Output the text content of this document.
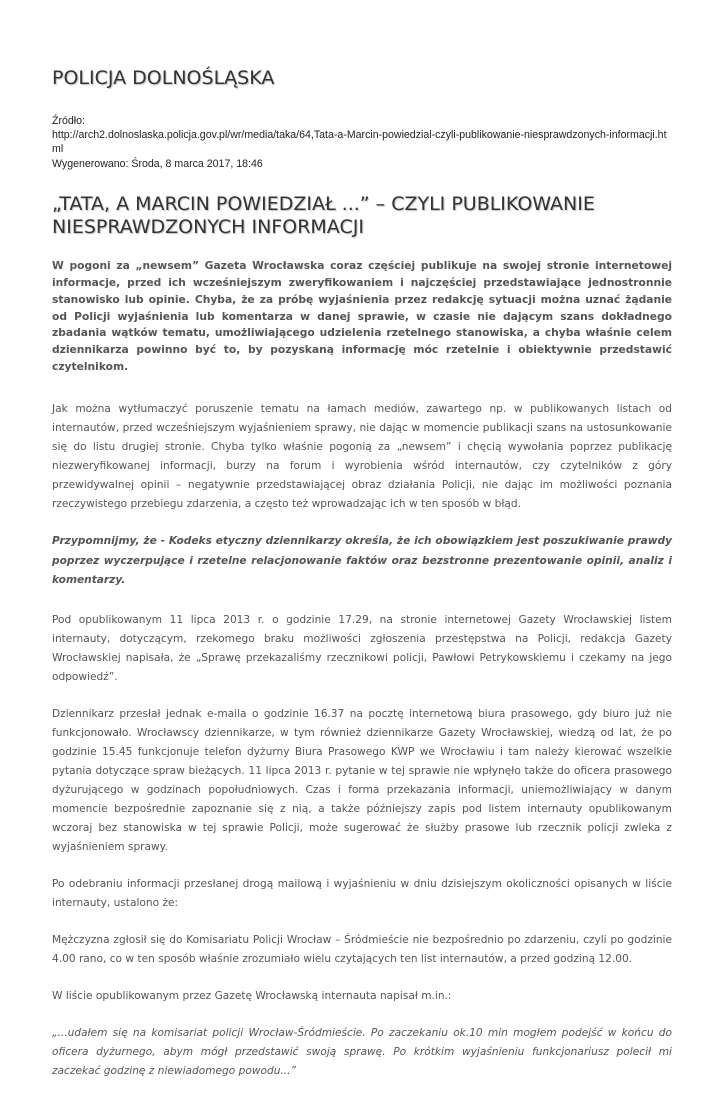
POLICJA DOLNOŚLĄSKA
Źródło:
http://arch2.dolnoslaska.policja.gov.pl/wr/media/taka/64,Tata-a-Marcin-powiedzial-czyli-publikowanie-niesprawdzonych-informacji.html
Wygenerowano: Środa, 8 marca 2017, 18:46
„TATA, A MARCIN POWIEDZIAŁ ...” – CZYLI PUBLIKOWANIE NIESPRAWDZONYCH INFORMACJI

W pogoni za „newsem” Gazeta Wrocławska coraz częściej publikuje na swojej stronie internetowej informacje, przed ich wcześniejszym zweryfikowaniem i najczęściej przedstawiające jednostronnie stanowisko lub opinie. Chyba, że za próbę wyjaśnienia przez redakcję sytuacji można uznać żądanie od Policji wyjaśnienia lub komentarza w danej sprawie, w czasie nie dającym szans dokładnego zbadania wątków tematu, umożliwiającego udzielenia rzetelnego stanowiska, a chyba właśnie celem dziennikarza powinno być to, by pozyskaną informację móc rzetelnie i obiektywnie przedstawić czytelnikom.

Jak można wytłumaczyć poruszenie tematu na łamach mediów, zawartego np. w publikowanych listach od internautów, przed wcześniejszym wyjaśnieniem sprawy, nie dając w momencie publikacji szans na ustosunkowanie się do listu drugiej stronie. Chyba tylko właśnie pogonią za „newsem” i chęcią wywołania poprzez publikację niezweryfikowanej informacji, burzy na forum i wyrobienia wśród internautów, czy czytelników z góry przewidywalnej opinii – negatywnie przedstawiającej obraz działania Policji, nie dając im możliwości poznania rzeczywistego przebiegu zdarzenia, a często też wprowadzając ich w ten sposób w błąd.

Przypomnijmy, że - Kodeks etyczny dziennikarzy określa, że ich obowiązkiem jest poszukiwanie prawdy poprzez wyczerpujące i rzetelne relacjonowanie faktów oraz bezstronne prezentowanie opinii, analiz i komentarzy.

Pod opublikowanym 11 lipca 2013 r. o godzinie 17.29, na stronie internetowej Gazety Wrocławskiej listem internauty, dotyczącym, rzekomego braku możliwości zgłoszenia przestępstwa na Policji, redakcja Gazety Wrocławskiej napisała, że „Sprawę przekazaliśmy rzecznikowi policji, Pawłowi Petrykowskiemu i czekamy na jego odpowiedź”.

Dziennikarz przesłał jednak e-maila o godzinie 16.37 na pocztę internetową biura prasowego, gdy biuro już nie funkcjonowało. Wrocławscy dziennikarze, w tym również dziennikarze Gazety Wrocławskiej, wiedzą od lat, że po godzinie 15.45 funkcjonuje telefon dyżurny Biura Prasowego KWP we Wrocławiu i tam należy kierować wszelkie pytania dotyczące spraw bieżących. 11 lipca 2013 r. pytanie w tej sprawie nie wpłynęło także do oficera prasowego dyżurującego w godzinach popołudniowych. Czas i forma przekazania informacji, uniemożliwiający w danym momencie bezpośrednie zapoznanie się z nią, a także późniejszy zapis pod listem internauty opublikowanym wczoraj bez stanowiska w tej sprawie Policji, może sugerować że służby prasowe lub rzecznik policji zwleka z wyjaśnieniem sprawy.

Po odebraniu informacji przesłanej drogą mailową i wyjaśnieniu w dniu dzisiejszym okoliczności opisanych w liście internauty, ustalono że:

Mężczyzna zgłosił się do Komisariatu Policji Wrocław – Śródmieście nie bezpośrednio po zdarzeniu, czyli po godzinie 4.00 rano, co w ten sposób właśnie zrozumiało wielu czytających ten list internautów, a przed godziną 12.00.

W liście opublikowanym przez Gazetę Wrocławską internauta napisał m.in.:

„...udałem się na komisariat policji Wrocław-Śródmieście. Po zaczekaniu ok.10 min mogłem podejść w końcu do oficera dyżurnego, abym mógł przedstawić swoją sprawę. Po krótkim wyjaśnieniu funkcjonariusz polecił mi zaczekać godzinę z niewiadomego powodu...”
